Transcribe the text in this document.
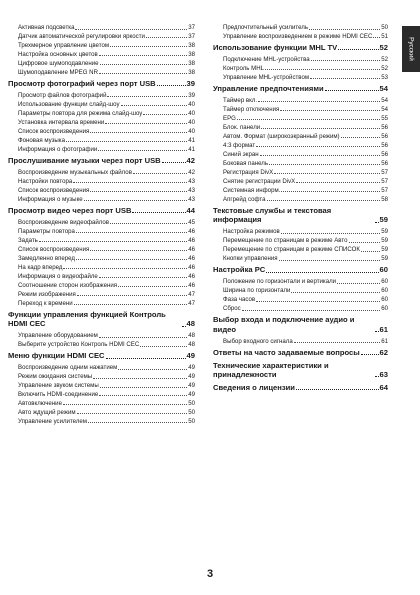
Активная подсветка	37
Датчик автоматической регулировки яркости	37
Трехмерное управление цветом	38
Настройка основных цветов	38
Цифровое шумоподавление	38
Шумоподавление MPEG NR	38
Просмотр фотографий через порт USB	39
Просмотр файлов фотографий	39
Использование функции слайд-шоу	40
Параметры повтора для режима слайд-шоу	40
Установка интервала времени	40
Список воспроизведения	40
Фоновая музыка	41
Информация о фотографии	41
Прослушивание музыки через порт USB	42
Воспроизведение музыкальных файлов	42
Настройки повтора	43
Список воспроизведения	43
Информация о музыке	43
Просмотр видео через порт USB	44
Воспроизведение видеофайлов	45
Параметры повтора	46
Задать	46
Список воспроизведения	46
Замедленно вперед	46
На кадр вперед	46
Информация о видеофайле	46
Соотношение сторон изображения	46
Режим изображения	47
Переход к времени	47
Функции управления функцией Контроль HDMI CEC	48
Управление оборудованием	48
Выберите устройство Контроль HDMI CEC	48
Меню функции HDMI CEC	49
Воспроизведение одним нажатием	49
Режим ожидания системы	49
Управление звуком системы	49
Включить HDMI-соединение	49
Автовключение	50
Авто ждущий режим	50
Управление усилителем	50
Предпочтительный усилитель	50
Управление воспроизведением в режиме HDMI CEC 51
Использование функции MHL TV	52
Подключение MHL-устройства	52
Контроль MHL	52
Управление MHL-устройством	53
Управление предпочтениями	54
Таймер вкл.	54
Таймер отключения	54
EPG	55
Блок. панели	56
Автом. Формат (широкоэкранный режим)	56
4:3 формат	56
Синий экран	56
Боковая панель	56
Регистрация DivX	57
Снятие регистрации DivX	57
Системная информ.	57
Апгрейд софта	58
Текстовые службы и текстовая информация	59
Настройка режимов	59
Перемещение по страницам в режиме Авто	59
Перемещение по страницам в режиме СПИСОК	59
Кнопки управления	59
Настройка PC	60
Положение по горизонтали и вертикали	60
Ширина по горизонтали	60
Фаза часов	60
Сброс	60
Выбор входа и подключение аудио и видео	61
Выбор входного сигнала	61
Ответы на часто задаваемые вопросы	62
Технические характеристики и принадлежности	63
Сведения о лицензии	64
Русский
3
